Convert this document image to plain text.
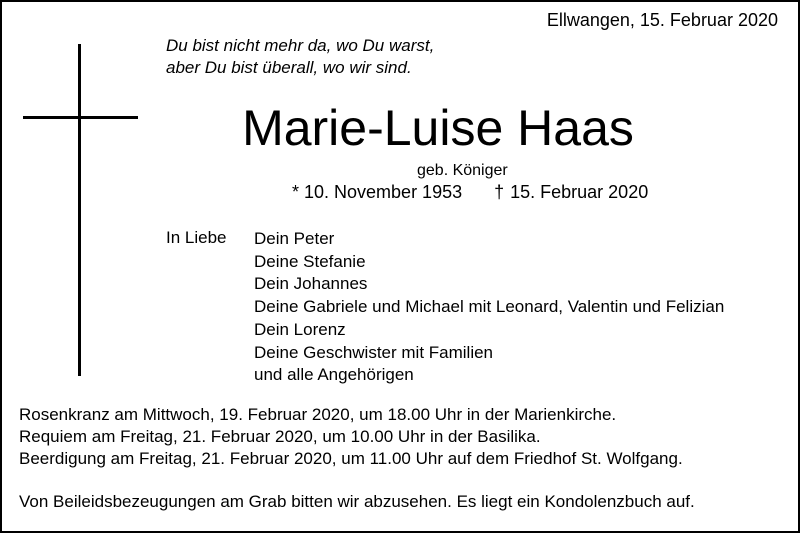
Ellwangen, 15. Februar 2020
Du bist nicht mehr da, wo Du warst,
aber Du bist überall, wo wir sind.
Marie-Luise Haas
geb. Königer
* 10. November 1953 † 15. Februar 2020
In Liebe Dein Peter
Deine Stefanie
Dein Johannes
Deine Gabriele und Michael mit Leonard, Valentin und Felizian
Dein Lorenz
Deine Geschwister mit Familien
und alle Angehörigen
Rosenkranz am Mittwoch, 19. Februar 2020, um 18.00 Uhr in der Marienkirche.
Requiem am Freitag, 21. Februar 2020, um 10.00 Uhr in der Basilika.
Beerdigung am Freitag, 21. Februar 2020, um 11.00 Uhr auf dem Friedhof St. Wolfgang.
Von Beileidsbezeugungen am Grab bitten wir abzusehen. Es liegt ein Kondolenzbuch auf.
